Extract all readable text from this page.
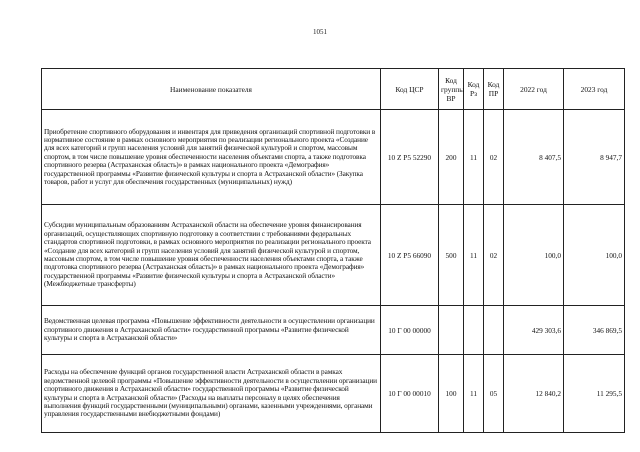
1051
Наименование показателя	Код ЦСР	Код группы ВР	Код Рз	Код ПР	2022 год	2023 год
Приобретение спортивного оборудования и инвентаря для приведения организаций спортивной подготовки в нормативное состояние в рамках основного мероприятия по реализации регионального проекта «Создание для всех категорий и групп населения условий для занятий физической культурой и спортом, массовым спортом, в том числе повышение уровня обеспеченности населения объектами спорта, а также подготовка спортивного резерва (Астраханская область)» в рамках национального проекта «Демография» государственной программы «Развитие физической культуры и спорта в Астраханской области» (Закупка товаров, работ и услуг для обеспечения государственных (муниципальных) нужд)	10 Z P5 52290	200	11	02	8 407,5	8 947,7
Субсидии муниципальным образованиям Астраханской области на обеспечение уровня финансирования организаций, осуществляющих спортивную подготовку в соответствии с требованиями федеральных стандартов спортивной подготовки, в рамках основного мероприятия по реализации регионального проекта «Создание для всех категорий и групп населения условий для занятий физической культурой и спортом, массовым спортом, в том числе повышение уровня обеспеченности населения объектами спорта, а также подготовка спортивного резерва (Астраханская область)» в рамках национального проекта «Демография» государственной программы «Развитие физической культуры и спорта в Астраханской области» (Межбюджетные трансферты)	10 Z P5 66090	500	11	02	100,0	100,0
Ведомственная целевая программа «Повышение эффективности деятельности в осуществлении организации спортивного движения в Астраханской области» государственной программы «Развитие физической культуры и спорта в Астраханской области»	10 Г 00 00000				429 303,6	346 869,5
Расходы на обеспечение функций органов государственной власти Астраханской области в рамках ведомственной целевой программы «Повышение эффективности деятельности в осуществлении организации спортивного движения в Астраханской области» государственной программы «Развитие физической культуры и спорта в Астраханской области» (Расходы на выплаты персоналу в целях обеспечения выполнения функций государственными (муниципальными) органами, казенными учреждениями, органами управления государственными внебюджетными фондами)	10 Г 00 00010	100	11	05	12 840,2	11 295,5
